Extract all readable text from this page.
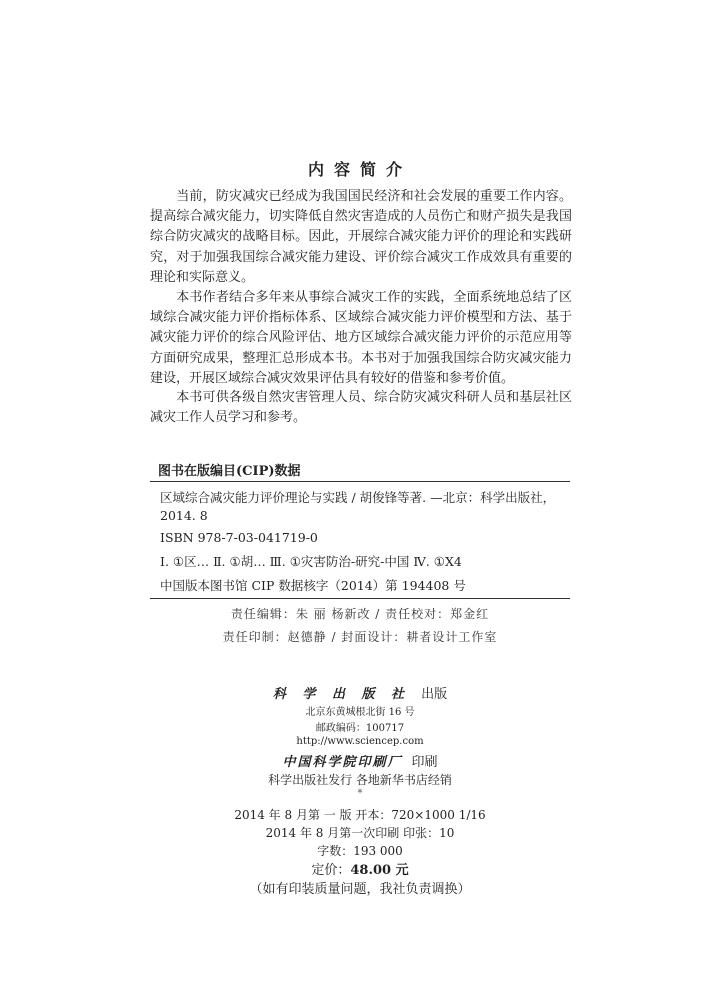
内容简介
当前，防灾减灾已经成为我国国民经济和社会发展的重要工作内容。提高综合减灾能力，切实降低自然灾害造成的人员伤亡和财产损失是我国综合防灾减灾的战略目标。因此，开展综合减灾能力评价的理论和实践研究，对于加强我国综合减灾能力建设、评价综合减灾工作成效具有重要的理论和实际意义。
本书作者结合多年来从事综合减灾工作的实践，全面系统地总结了区域综合减灾能力评价指标体系、区域综合减灾能力评价模型和方法、基于减灾能力评价的综合风险评估、地方区域综合减灾能力评价的示范应用等方面研究成果，整理汇总形成本书。本书对于加强我国综合防灾减灾能力建设，开展区域综合减灾效果评估具有较好的借鉴和参考价值。
本书可供各级自然灾害管理人员、综合防灾减灾科研人员和基层社区减灾工作人员学习和参考。
图书在版编目(CIP)数据
区域综合减灾能力评价理论与实践 / 胡俊锋等著. —北京：科学出版社，
2014. 8
ISBN 978-7-03-041719-0
Ⅰ. ①区… Ⅱ. ①胡… Ⅲ. ①灾害防治-研究-中国 Ⅳ. ①X4
中国版本图书馆 CIP 数据核字（2014）第 194408 号
责任编辑：朱 丽 杨新改 / 责任校对：郑金红
责任印制：赵德静 / 封面设计：耕者设计工作室
科 学 出 版 社 出版
北京东黄城根北街 16 号
邮政编码：100717
http://www.sciencep.com
中国科学院印刷厂 印刷
科学出版社发行 各地新华书店经销
*
2014 年 8 月第 一 版 开本：720×1000 1/16
2014 年 8 月第一次印刷 印张：10
字数：193 000
定价：48.00 元
（如有印装质量问题，我社负责调换）
